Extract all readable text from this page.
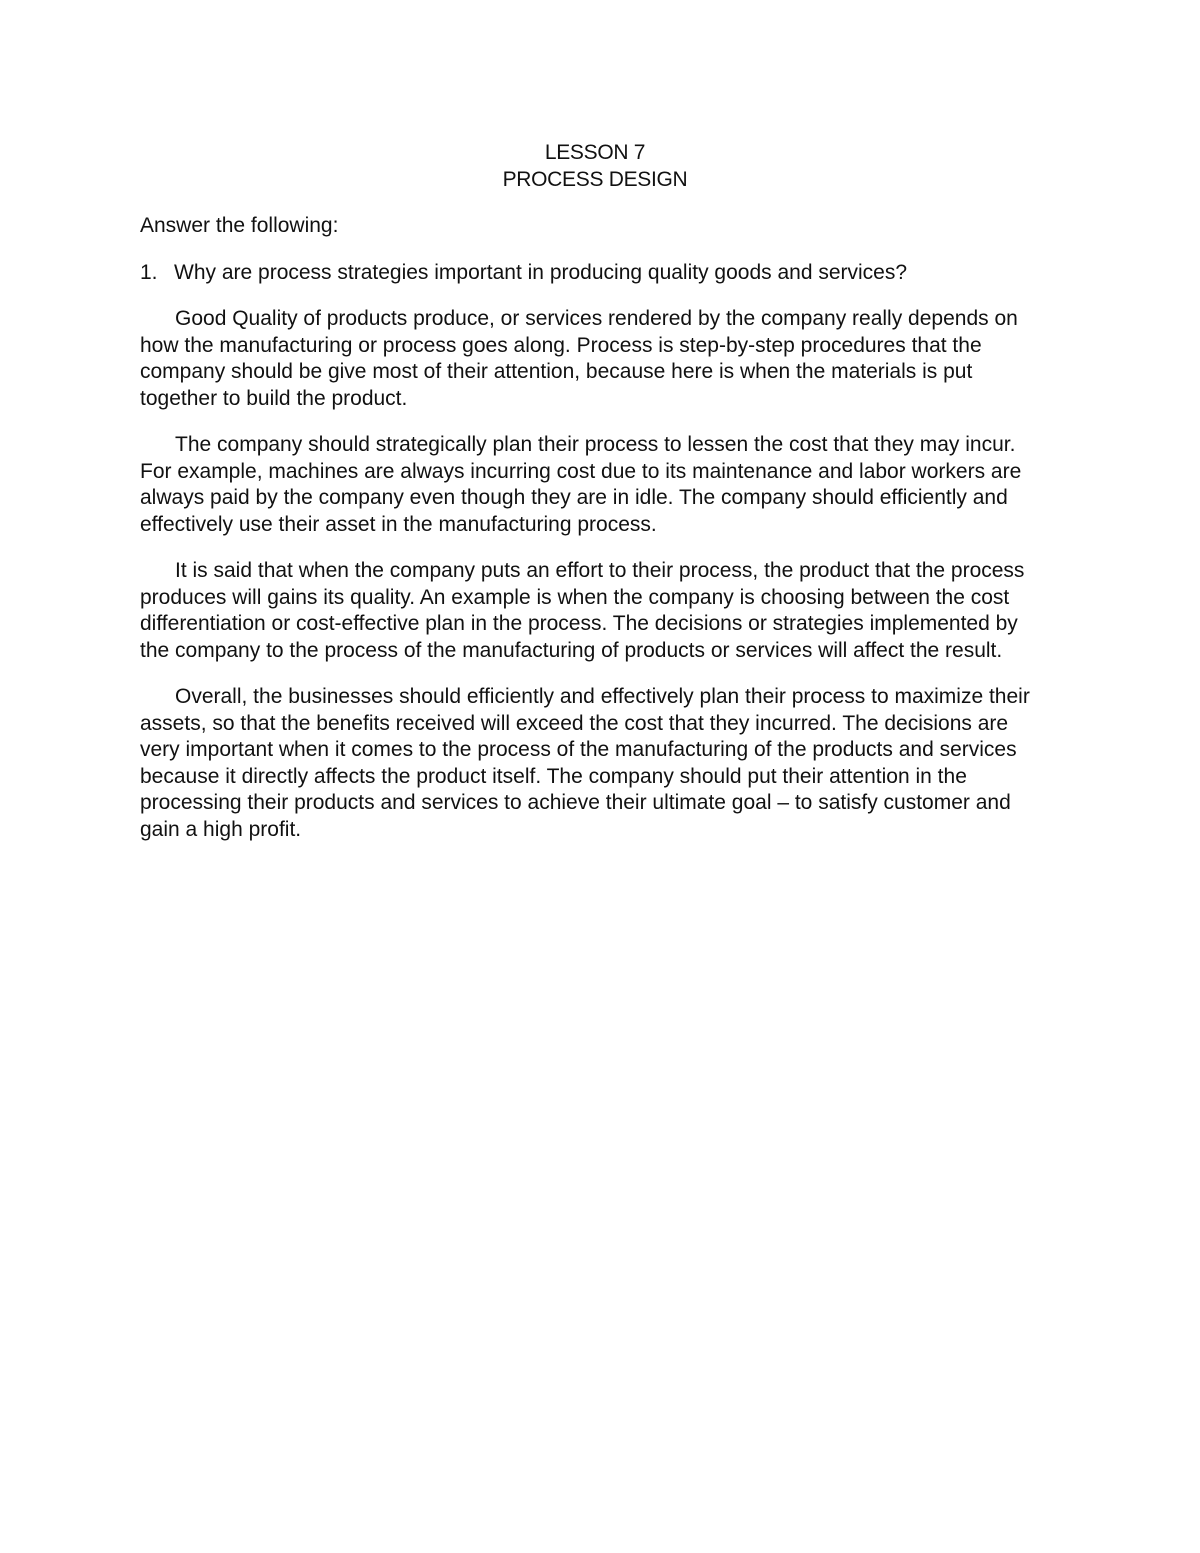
LESSON 7
PROCESS DESIGN
Answer the following:
1. Why are process strategies important in producing quality goods and services?

Good Quality of products produce, or services rendered by the company really depends on how the manufacturing or process goes along. Process is step-by-step procedures that the company should be give most of their attention, because here is when the materials is put together to build the product.

The company should strategically plan their process to lessen the cost that they may incur. For example, machines are always incurring cost due to its maintenance and labor workers are always paid by the company even though they are in idle. The company should efficiently and effectively use their asset in the manufacturing process.

It is said that when the company puts an effort to their process, the product that the process produces will gains its quality. An example is when the company is choosing between the cost differentiation or cost-effective plan in the process. The decisions or strategies implemented by the company to the process of the manufacturing of products or services will affect the result.

Overall, the businesses should efficiently and effectively plan their process to maximize their assets, so that the benefits received will exceed the cost that they incurred. The decisions are very important when it comes to the process of the manufacturing of the products and services because it directly affects the product itself. The company should put their attention in the processing their products and services to achieve their ultimate goal – to satisfy customer and gain a high profit.
